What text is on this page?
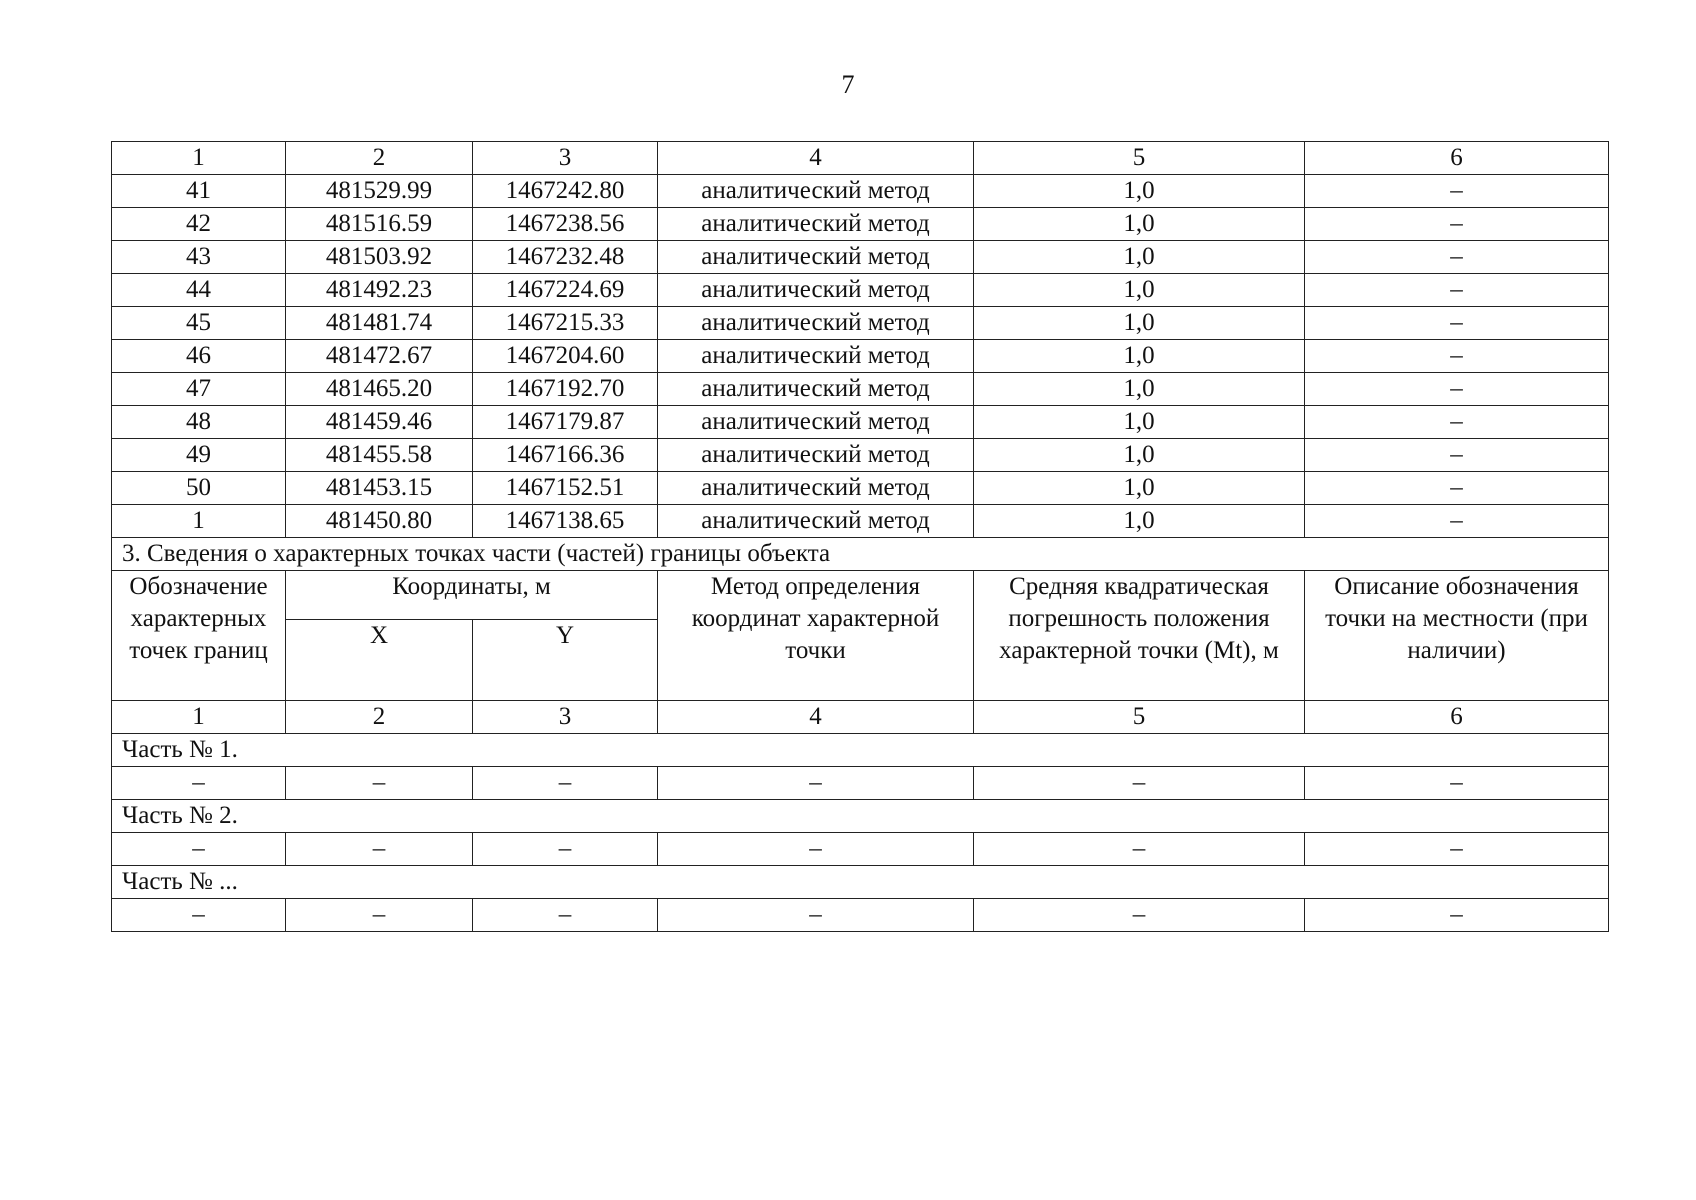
7
1	2	3	4	5	6
41	481529.99	1467242.80	аналитический метод	1,0	–
42	481516.59	1467238.56	аналитический метод	1,0	–
43	481503.92	1467232.48	аналитический метод	1,0	–
44	481492.23	1467224.69	аналитический метод	1,0	–
45	481481.74	1467215.33	аналитический метод	1,0	–
46	481472.67	1467204.60	аналитический метод	1,0	–
47	481465.20	1467192.70	аналитический метод	1,0	–
48	481459.46	1467179.87	аналитический метод	1,0	–
49	481455.58	1467166.36	аналитический метод	1,0	–
50	481453.15	1467152.51	аналитический метод	1,0	–
1	481450.80	1467138.65	аналитический метод	1,0	–
3. Сведения о характерных точках части (частей) границы объекта					
Обозначение характерных точек границ	Координаты, м		Метод определения координат характерной точки	Средняя квадратическая погрешность положения характерной точки (Mt), м	Описание обозначения точки на местности (при наличии)
	X	Y			
1	2	3	4	5	6
Часть № 1.					
–	–	–	–	–	–
Часть № 2.					
–	–	–	–	–	–
Часть № ...					
–	–	–	–	–	–
